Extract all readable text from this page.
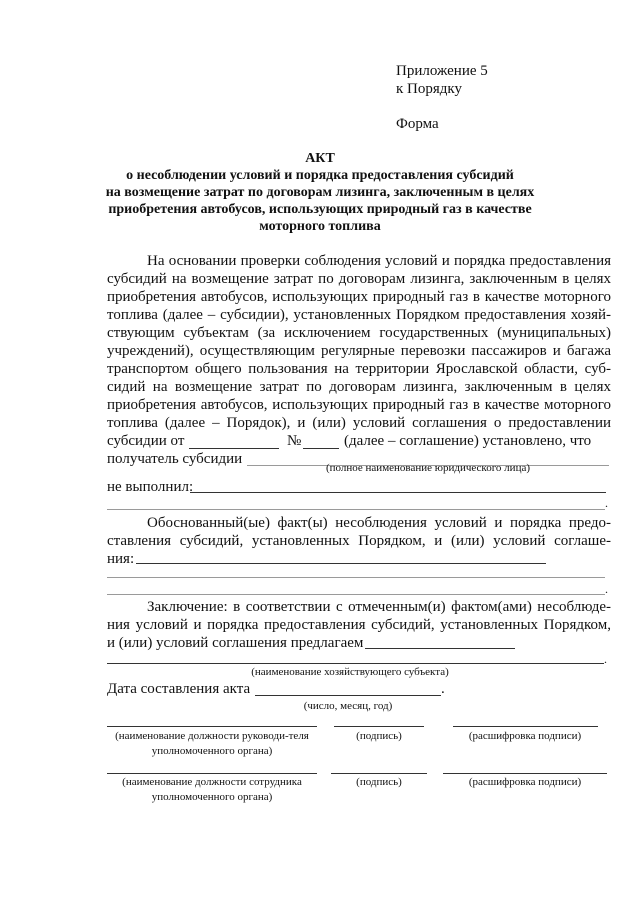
Приложение 5
к Порядку
Форма
АКТ
о несоблюдении условий и порядка предоставления субсидий
на возмещение затрат по договорам лизинга, заключенным в целях
приобретения автобусов, использующих природный газ в качестве
моторного топлива
На основании проверки соблюдения условий и порядка предоставления
субсидий на возмещение затрат по договорам лизинга, заключенным в целях
приобретения автобусов, использующих природный газ в качестве моторного
топлива (далее – субсидии), установленных Порядком предоставления хозяй-
ствующим субъектам (за исключением государственных (муниципальных)
учреждений), осуществляющим регулярные перевозки пассажиров и багажа
транспортом общего пользования на территории Ярославской области, суб-
сидий на возмещение затрат по договорам лизинга, заключенным в целях
приобретения автобусов, использующих природный газ в качестве моторного
топлива (далее – Порядок), и (или) условий соглашения о предоставлении
субсидии от	№	(далее – соглашение) установлено, что
получатель субсидии
(полное наименование юридического лица)
не выполнил:
.
Обоснованный(ые) факт(ы) несоблюдения условий и порядка предо-
ставления субсидий, установленных Порядком, и (или) условий соглаше-
ния:
.
Заключение: в соответствии с отмеченным(и) фактом(ами) несоблюде-
ния условий и порядка предоставления субсидий, установленных Порядком,
и (или) условий соглашения предлагаем
.
(наименование хозяйствующего субъекта)
Дата составления акта	.
(число, месяц, год)
(наименование должности руководи-теля уполномоченного органа)
(подпись)	(расшифровка подписи)
(наименование должности сотрудника уполномоченного органа)
(подпись)	(расшифровка подписи)
